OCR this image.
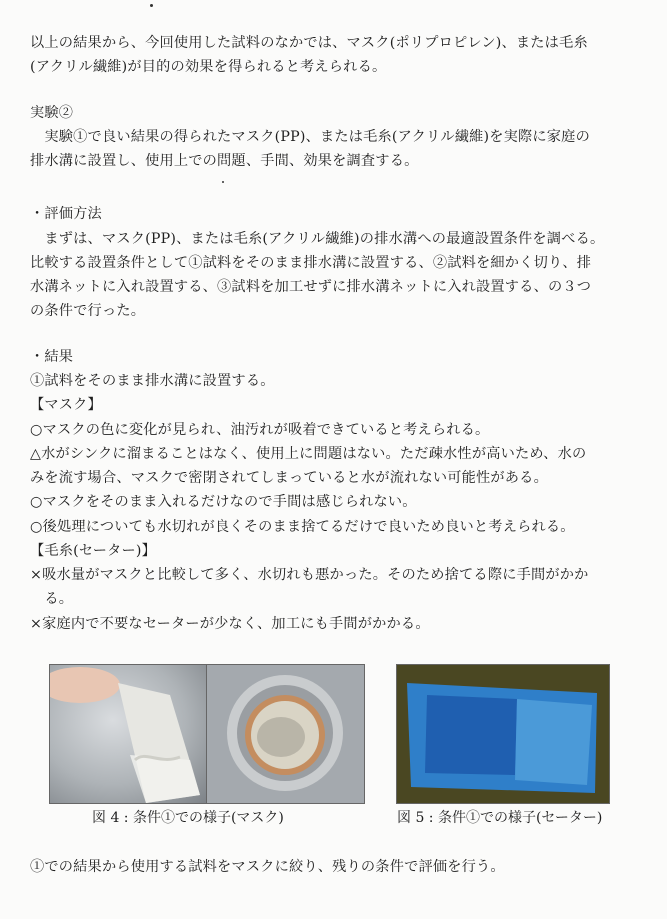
以上の結果から、今回使用した試料のなかでは、マスク(ポリプロピレン)、または毛糸
(アクリル繊維)が目的の効果を得られると考えられる。
実験②
　実験①で良い結果の得られたマスク(PP)、または毛糸(アクリル繊維)を実際に家庭の
排水溝に設置し、使用上での問題、手間、効果を調査する。
・評価方法
　まずは、マスク(PP)、または毛糸(アクリル繊維)の排水溝への最適設置条件を調べる。
比較する設置条件として①試料をそのまま排水溝に設置する、②試料を細かく切り、排
水溝ネットに入れ設置する、③試料を加工せずに排水溝ネットに入れ設置する、の３つ
の条件で行った。
・結果
①試料をそのまま排水溝に設置する。
【マスク】
○マスクの色に変化が見られ、油汚れが吸着できていると考えられる。
△水がシンクに溜まることはなく、使用上に問題はない。ただ疎水性が高いため、水の
みを流す場合、マスクで密閉されてしまっていると水が流れない可能性がある。
○マスクをそのまま入れるだけなので手間は感じられない。
○後処理についても水切れが良くそのまま捨てるだけで良いため良いと考えられる。
【毛糸(セーター)】
×吸水量がマスクと比較して多く、水切れも悪かった。そのため捨てる際に手間がかか
　る。
×家庭内で不要なセーターが少なく、加工にも手間がかかる。
図 4 : 条件①での様子(マスク)	図 5 : 条件①での様子(セーター)
①での結果から使用する試料をマスクに絞り、残りの条件で評価を行う。
